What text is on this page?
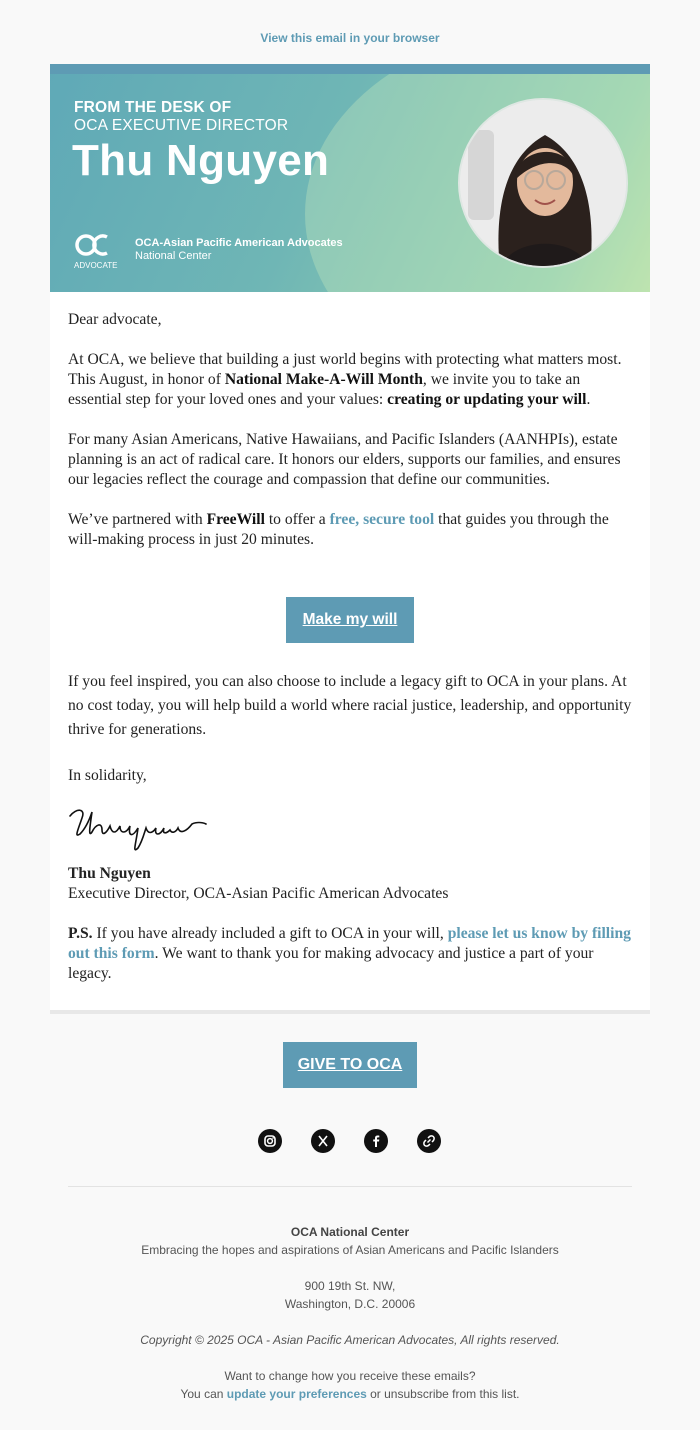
View this email in your browser
FROM THE DESK OF
OCA EXECUTIVE DIRECTOR
Thu Nguyen
ADVOCATE
OCA-Asian Pacific American Advocates
National Center

Dear advocate,

At OCA, we believe that building a just world begins with protecting what matters most. This August, in honor of National Make-A-Will Month, we invite you to take an essential step for your loved ones and your values: creating or updating your will.

For many Asian Americans, Native Hawaiians, and Pacific Islanders (AANHPIs), estate planning is an act of radical care. It honors our elders, supports our families, and ensures our legacies reflect the courage and compassion that define our communities.

We’ve partnered with FreeWill to offer a free, secure tool that guides you through the will-making process in just 20 minutes.

Make my will

If you feel inspired, you can also choose to include a legacy gift to OCA in your plans. At no cost today, you will help build a world where racial justice, leadership, and opportunity thrive for generations.

In solidarity,

Thu Nguyen
Executive Director, OCA-Asian Pacific American Advocates

P.S. If you have already included a gift to OCA in your will, please let us know by filling out this form. We want to thank you for making advocacy and justice a part of your legacy.

GIVE TO OCA
OCA National Center
Embracing the hopes and aspirations of Asian Americans and Pacific Islanders
900 19th St. NW,
Washington, D.C. 20006
Copyright © 2025 OCA - Asian Pacific American Advocates, All rights reserved.
Want to change how you receive these emails?
You can update your preferences or unsubscribe from this list.
